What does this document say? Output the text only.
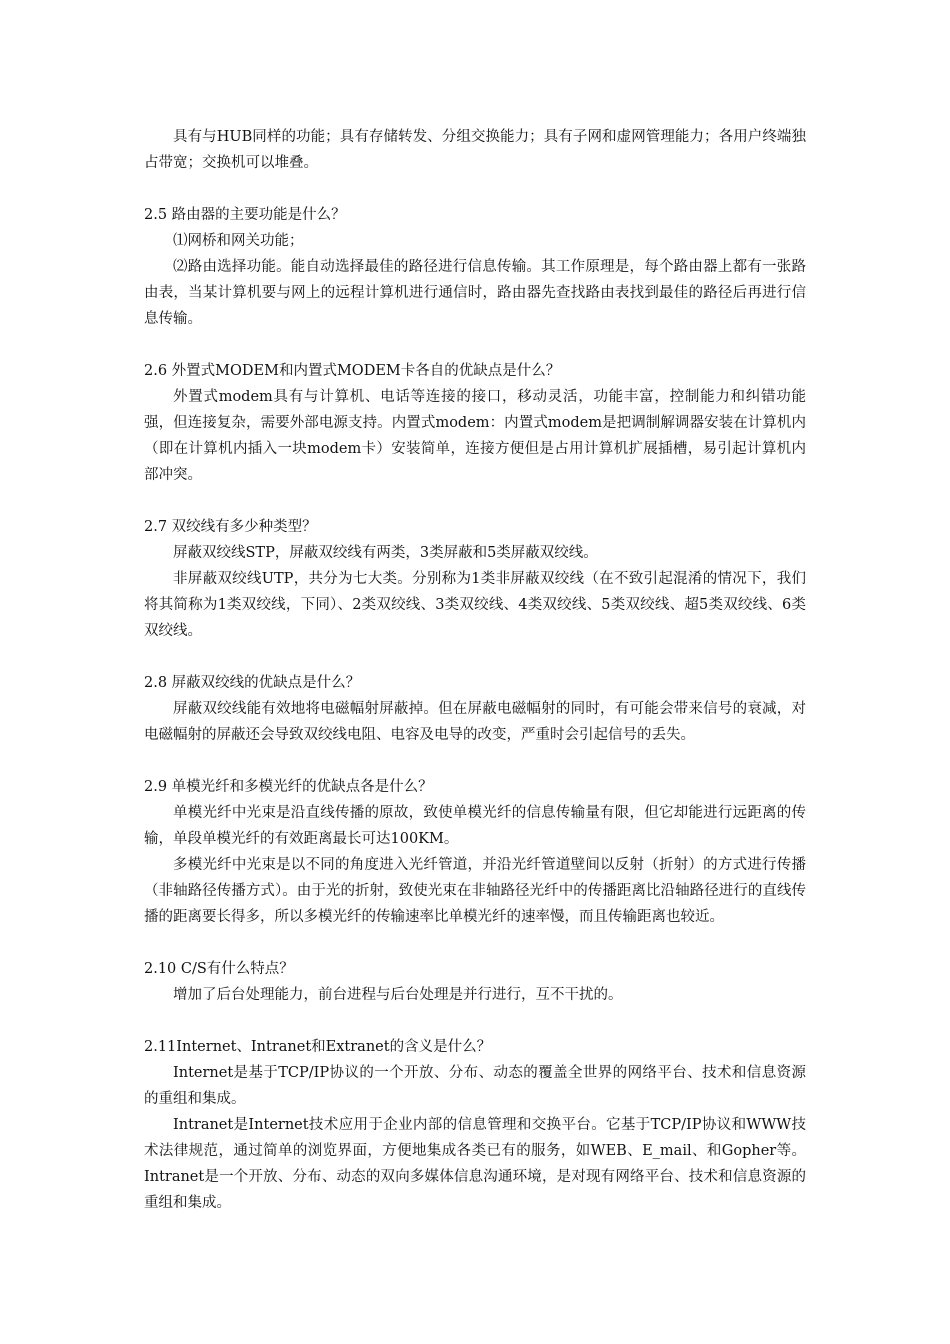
具有与HUB同样的功能；具有存储转发、分组交换能力；具有子网和虚网管理能力；各用户终端独占带宽；交换机可以堆叠。

2.5 路由器的主要功能是什么？

⑴网桥和网关功能；

⑵路由选择功能。能自动选择最佳的路径进行信息传输。其工作原理是，每个路由器上都有一张路由表，当某计算机要与网上的远程计算机进行通信时，路由器先查找路由表找到最佳的路径后再进行信息传输。

2.6 外置式MODEM和内置式MODEM卡各自的优缺点是什么？

外置式modem具有与计算机、电话等连接的接口，移动灵活，功能丰富，控制能力和纠错功能强，但连接复杂，需要外部电源支持。内置式modem：内置式modem是把调制解调器安装在计算机内（即在计算机内插入一块modem卡）安装简单，连接方便但是占用计算机扩展插槽，易引起计算机内部冲突。

2.7 双绞线有多少种类型？

屏蔽双绞线STP，屏蔽双绞线有两类，3类屏蔽和5类屏蔽双绞线。

非屏蔽双绞线UTP，共分为七大类。分别称为1类非屏蔽双绞线（在不致引起混淆的情况下，我们将其简称为1类双绞线，下同）、2类双绞线、3类双绞线、4类双绞线、5类双绞线、超5类双绞线、6类双绞线。

2.8 屏蔽双绞线的优缺点是什么？

屏蔽双绞线能有效地将电磁幅射屏蔽掉。但在屏蔽电磁幅射的同时，有可能会带来信号的衰减，对电磁幅射的屏蔽还会导致双绞线电阻、电容及电导的改变，严重时会引起信号的丢失。

2.9 单模光纤和多模光纤的优缺点各是什么？

单模光纤中光束是沿直线传播的原故，致使单模光纤的信息传输量有限，但它却能进行远距离的传输，单段单模光纤的有效距离最长可达100KM。

多模光纤中光束是以不同的角度进入光纤管道，并沿光纤管道壁间以反射（折射）的方式进行传播（非轴路径传播方式）。由于光的折射，致使光束在非轴路径光纤中的传播距离比沿轴路径进行的直线传播的距离要长得多，所以多模光纤的传输速率比单模光纤的速率慢，而且传输距离也较近。

2.10 C/S有什么特点？

增加了后台处理能力，前台进程与后台处理是并行进行，互不干扰的。

2.11Internet、Intranet和Extranet的含义是什么？

Internet是基于TCP/IP协议的一个开放、分布、动态的覆盖全世界的网络平台、技术和信息资源的重组和集成。

Intranet是Internet技术应用于企业内部的信息管理和交换平台。它基于TCP/IP协议和WWW技术法律规范，通过简单的浏览界面，方便地集成各类已有的服务，如WEB、E_mail、和Gopher等。Intranet是一个开放、分布、动态的双向多媒体信息沟通环境，是对现有网络平台、技术和信息资源的重组和集成。
